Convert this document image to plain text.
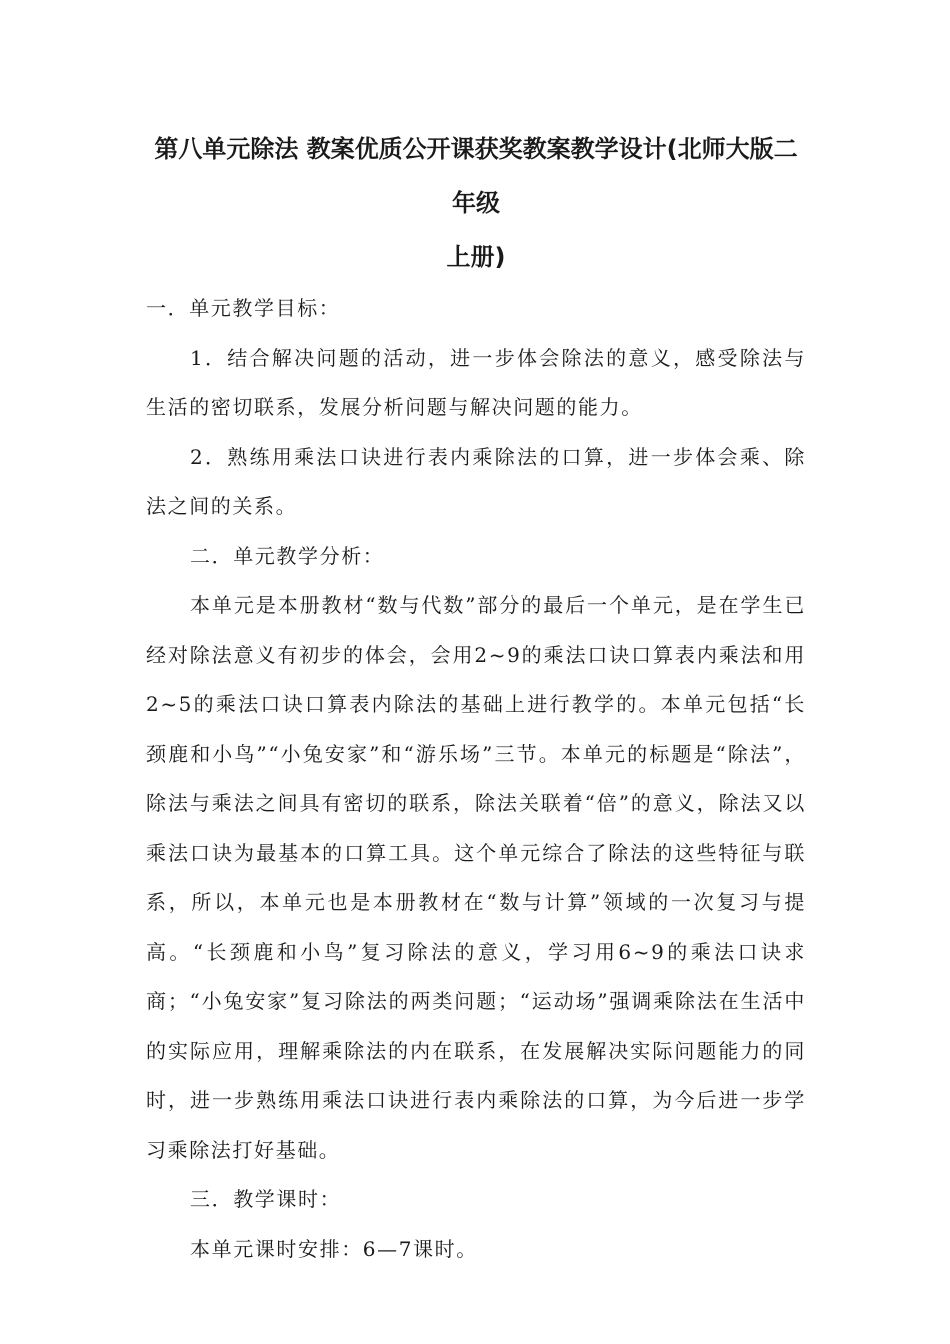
第八单元除法 教案优质公开课获奖教案教学设计(北师大版二年级
上册)

一．单元教学目标：

1．结合解决问题的活动，进一步体会除法的意义，感受除法与生活的密切联系，发展分析问题与解决问题的能力。

2．熟练用乘法口诀进行表内乘除法的口算，进一步体会乘、除法之间的关系。

二．单元教学分析：

本单元是本册教材“数与代数”部分的最后一个单元，是在学生已经对除法意义有初步的体会，会用2~9的乘法口诀口算表内乘法和用2~5的乘法口诀口算表内除法的基础上进行教学的。本单元包括“长颈鹿和小鸟”“小兔安家”和“游乐场”三节。本单元的标题是“除法”，除法与乘法之间具有密切的联系，除法关联着“倍”的意义，除法又以乘法口诀为最基本的口算工具。这个单元综合了除法的这些特征与联系，所以，本单元也是本册教材在“数与计算”领域的一次复习与提高。“长颈鹿和小鸟”复习除法的意义，学习用6~9的乘法口诀求商；“小兔安家”复习除法的两类问题；“运动场”强调乘除法在生活中的实际应用，理解乘除法的内在联系，在发展解决实际问题能力的同时，进一步熟练用乘法口诀进行表内乘除法的口算，为今后进一步学习乘除法打好基础。

三．教学课时：

本单元课时安排：6—7课时。
